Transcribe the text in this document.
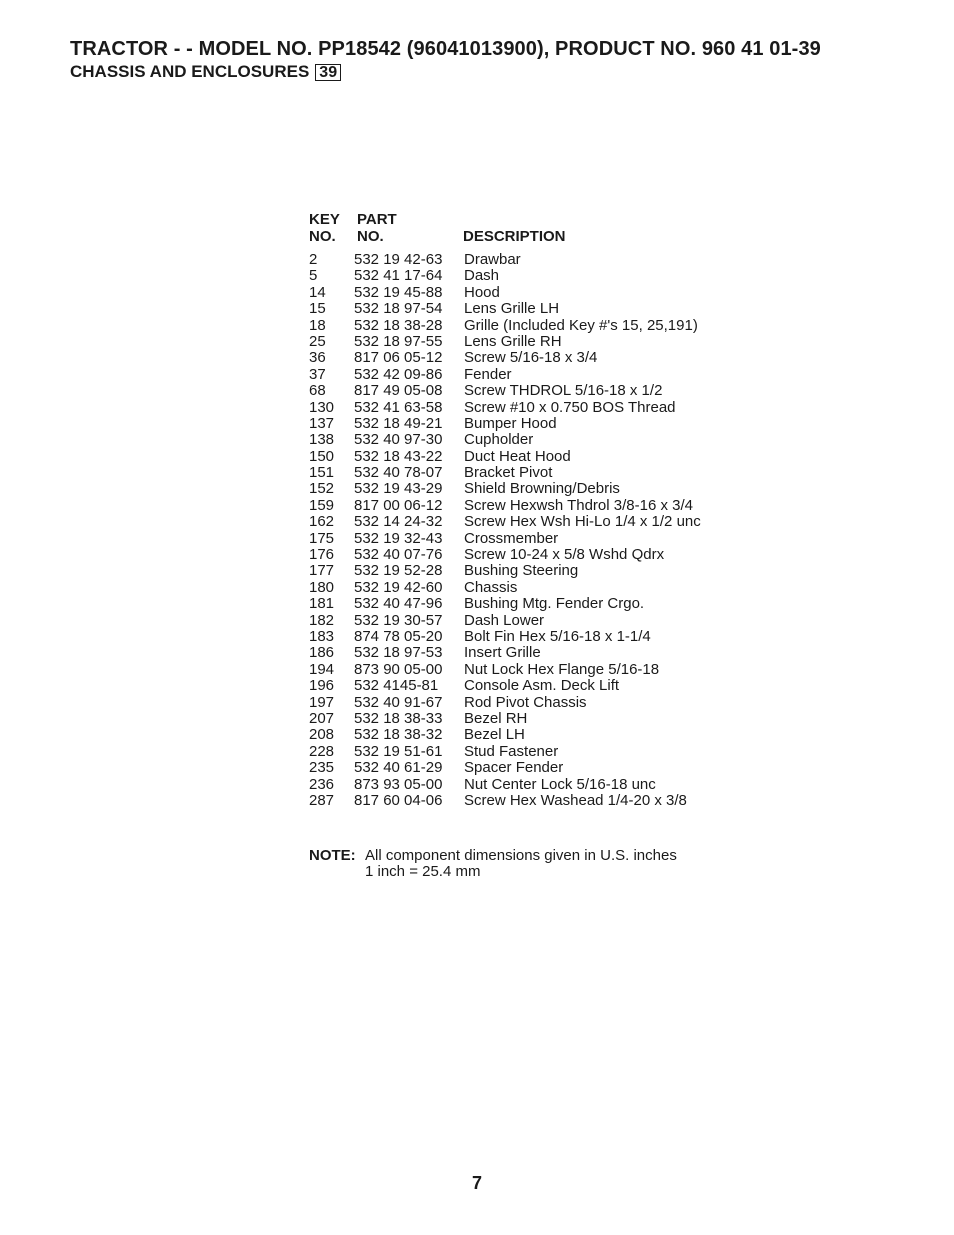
TRACTOR - - MODEL NO. PP18542 (96041013900), PRODUCT NO. 960 41 01-39
CHASSIS AND ENCLOSURES 39
KEY
NO.
PART
NO.	DESCRIPTION
2 532 19 42-63 Drawbar
5 532 41 17-64 Dash
14 532 19 45-88 Hood
15 532 18 97-54 Lens Grille LH
18 532 18 38-28 Grille (Included Key #'s 15, 25,191)
25 532 18 97-55 Lens Grille RH
36 817 06 05-12 Screw 5/16-18 x 3/4
37 532 42 09-86 Fender
68 817 49 05-08 Screw THDROL 5/16-18 x 1/2
130 532 41 63-58 Screw #10 x 0.750 BOS Thread
137 532 18 49-21 Bumper Hood
138 532 40 97-30 Cupholder
150 532 18 43-22 Duct Heat Hood
151 532 40 78-07 Bracket Pivot
152 532 19 43-29 Shield Browning/Debris
159 817 00 06-12 Screw Hexwsh Thdrol 3/8-16 x 3/4
162 532 14 24-32 Screw Hex Wsh Hi-Lo 1/4 x 1/2 unc
175 532 19 32-43 Crossmember
176 532 40 07-76 Screw 10-24 x 5/8 Wshd Qdrx
177 532 19 52-28 Bushing Steering
180 532 19 42-60 Chassis
181 532 40 47-96 Bushing Mtg. Fender Crgo.
182 532 19 30-57 Dash Lower
183 874 78 05-20 Bolt Fin Hex 5/16-18 x 1-1/4
186 532 18 97-53 Insert Grille
194 873 90 05-00 Nut Lock Hex Flange 5/16-18
196 532 4145-81 Console Asm. Deck Lift
197 532 40 91-67 Rod Pivot Chassis
207 532 18 38-33 Bezel RH
208 532 18 38-32 Bezel LH
228 532 19 51-61 Stud Fastener
235 532 40 61-29 Spacer Fender
236 873 93 05-00 Nut Center Lock 5/16-18 unc
287 817 60 04-06 Screw Hex Washead 1/4-20 x 3/8
NOTE: All component dimensions given in U.S. inches
1 inch = 25.4 mm
7
